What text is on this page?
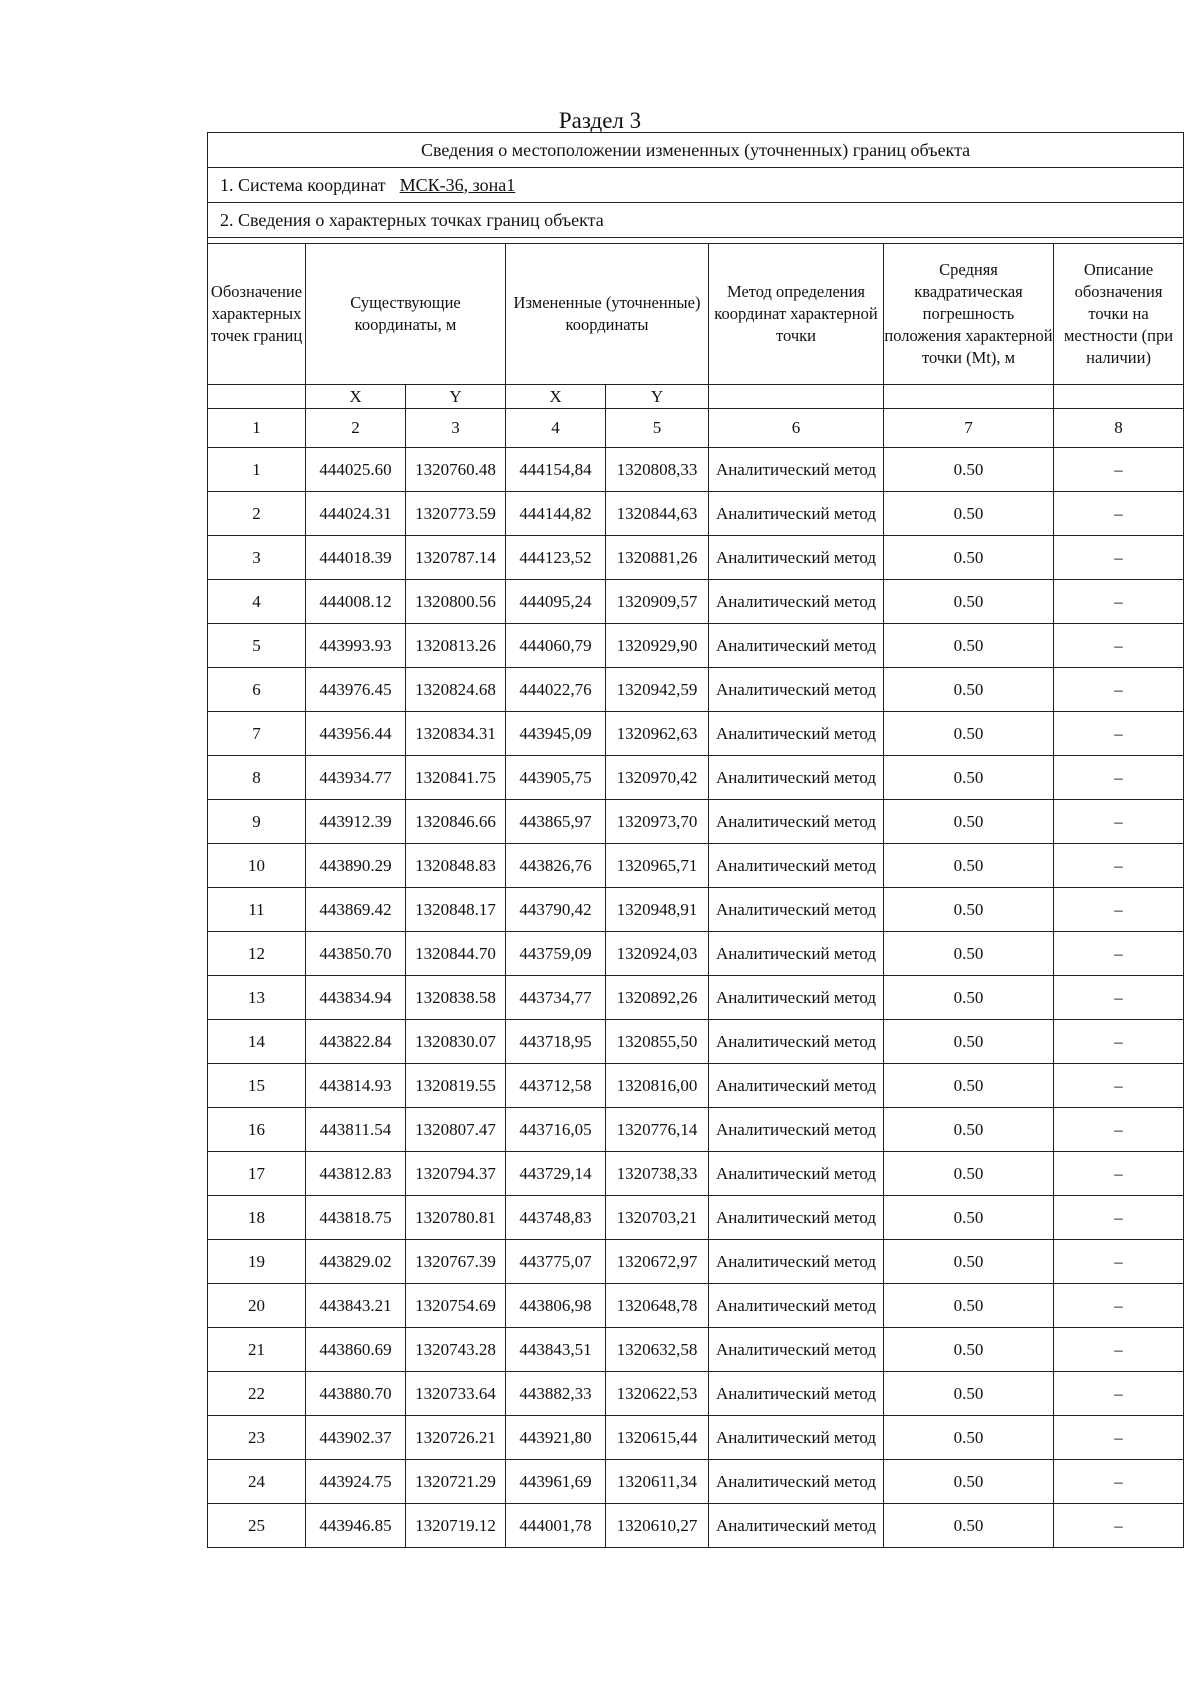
Раздел 3
Сведения о местоположении измененных (уточненных) границ объекта							
1. Система координат МСК-36, зона1							
2. Сведения о характерных точках границ объекта							

Обозначение характерных точек границ	Существующие координаты, м		Измененные (уточненные) координаты		Метод определения координат характерной точки	Средняя квадратическая погрешность положения характерной точки (Mt), м	Описание обозначения точки на местности (при наличии)
	X	Y	X	Y			
1	2	3	4	5	6	7	8
1	444025.60	1320760.48	444154,84	1320808,33	Аналитический метод	0.50	–
2	444024.31	1320773.59	444144,82	1320844,63	Аналитический метод	0.50	–
3	444018.39	1320787.14	444123,52	1320881,26	Аналитический метод	0.50	–
4	444008.12	1320800.56	444095,24	1320909,57	Аналитический метод	0.50	–
5	443993.93	1320813.26	444060,79	1320929,90	Аналитический метод	0.50	–
6	443976.45	1320824.68	444022,76	1320942,59	Аналитический метод	0.50	–
7	443956.44	1320834.31	443945,09	1320962,63	Аналитический метод	0.50	–
8	443934.77	1320841.75	443905,75	1320970,42	Аналитический метод	0.50	–
9	443912.39	1320846.66	443865,97	1320973,70	Аналитический метод	0.50	–
10	443890.29	1320848.83	443826,76	1320965,71	Аналитический метод	0.50	–
11	443869.42	1320848.17	443790,42	1320948,91	Аналитический метод	0.50	–
12	443850.70	1320844.70	443759,09	1320924,03	Аналитический метод	0.50	–
13	443834.94	1320838.58	443734,77	1320892,26	Аналитический метод	0.50	–
14	443822.84	1320830.07	443718,95	1320855,50	Аналитический метод	0.50	–
15	443814.93	1320819.55	443712,58	1320816,00	Аналитический метод	0.50	–
16	443811.54	1320807.47	443716,05	1320776,14	Аналитический метод	0.50	–
17	443812.83	1320794.37	443729,14	1320738,33	Аналитический метод	0.50	–
18	443818.75	1320780.81	443748,83	1320703,21	Аналитический метод	0.50	–
19	443829.02	1320767.39	443775,07	1320672,97	Аналитический метод	0.50	–
20	443843.21	1320754.69	443806,98	1320648,78	Аналитический метод	0.50	–
21	443860.69	1320743.28	443843,51	1320632,58	Аналитический метод	0.50	–
22	443880.70	1320733.64	443882,33	1320622,53	Аналитический метод	0.50	–
23	443902.37	1320726.21	443921,80	1320615,44	Аналитический метод	0.50	–
24	443924.75	1320721.29	443961,69	1320611,34	Аналитический метод	0.50	–
25	443946.85	1320719.12	444001,78	1320610,27	Аналитический метод	0.50	–
